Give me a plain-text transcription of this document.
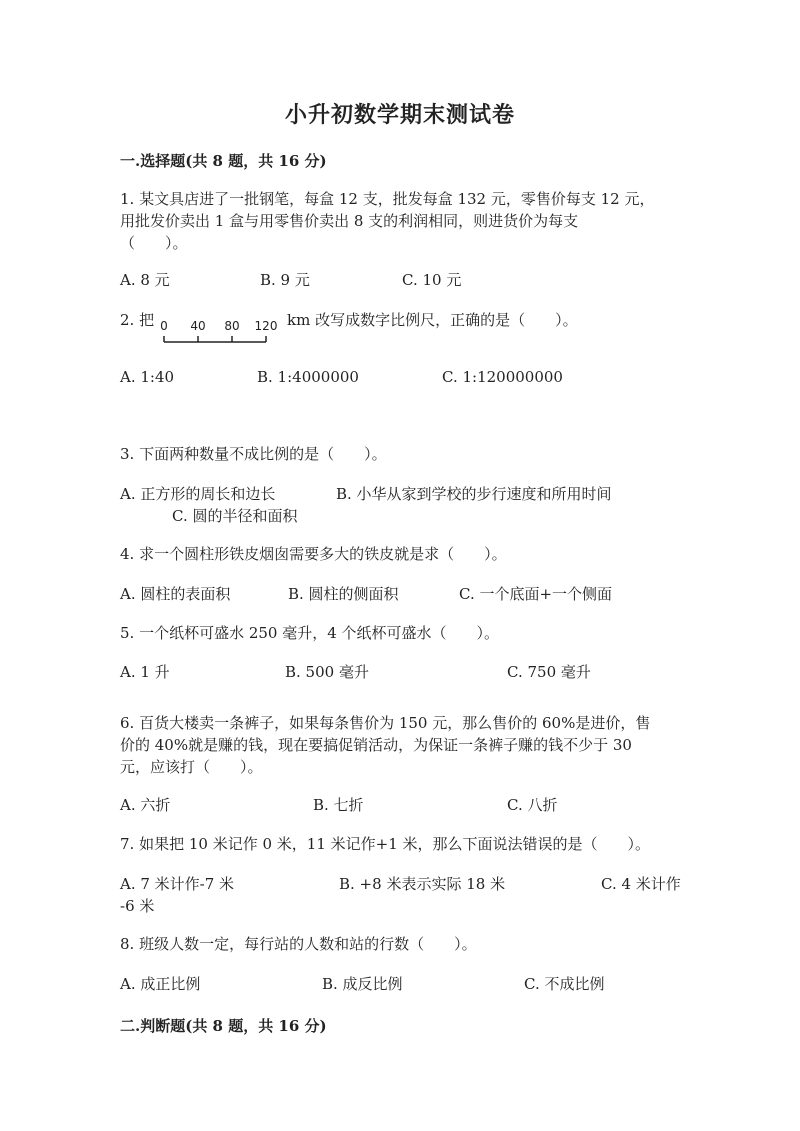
小升初数学期末测试卷
一.选择题(共 8 题，共 16 分)
1. 某文具店进了一批钢笔，每盒 12 支，批发每盒 132 元，零售价每支 12 元，
用批发价卖出 1 盒与用零售价卖出 8 支的利润相同，则进货价为每支
（　　）。
A. 8 元	B. 9 元	C. 10 元
2. 把 0 40 80 120 km 改写成数字比例尺，正确的是（　　）。
A. 1:40	B. 1:4000000	C. 1:120000000
3. 下面两种数量不成比例的是（　　）。
A. 正方形的周长和边长	B. 小华从家到学校的步行速度和所用时间
C. 圆的半径和面积
4. 求一个圆柱形铁皮烟囱需要多大的铁皮就是求（　　）。
A. 圆柱的表面积	B. 圆柱的侧面积	C. 一个底面+一个侧面
5. 一个纸杯可盛水 250 毫升，4 个纸杯可盛水（　　）。
A. 1 升	B. 500 毫升	C. 750 毫升
6. 百货大楼卖一条裤子，如果每条售价为 150 元，那么售价的 60%是进价，售
价的 40%就是赚的钱，现在要搞促销活动，为保证一条裤子赚的钱不少于 30
元，应该打（　　）。
A. 六折	B. 七折	C. 八折
7. 如果把 10 米记作 0 米，11 米记作+1 米，那么下面说法错误的是（　　）。
A. 7 米计作-7 米	B. +8 米表示实际 18 米	C. 4 米计作
-6 米
8. 班级人数一定，每行站的人数和站的行数（　　）。
A. 成正比例	B. 成反比例	C. 不成比例
二.判断题(共 8 题，共 16 分)
